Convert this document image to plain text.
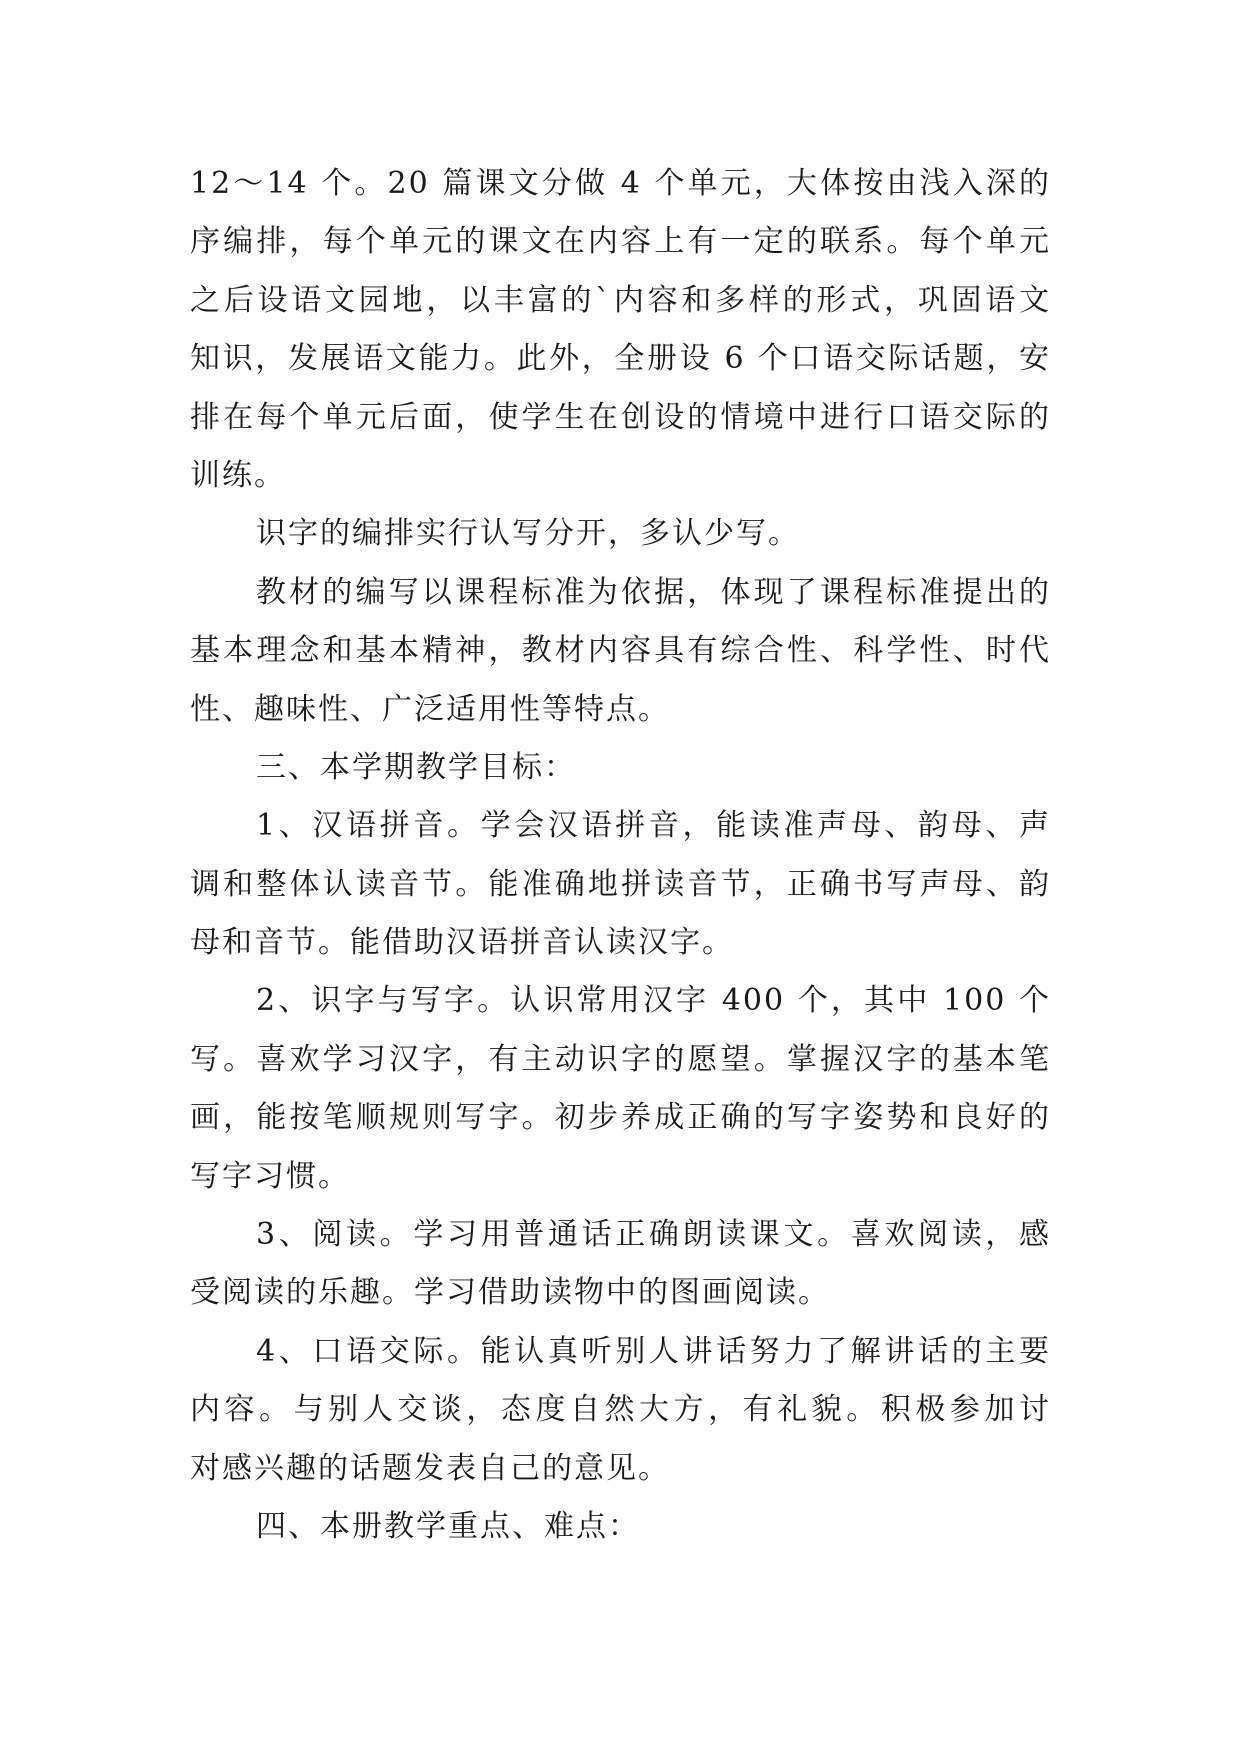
12～14 个。20 篇课文分做 4 个单元，大体按由浅入深的
序编排，每个单元的课文在内容上有一定的联系。每个单元
之后设语文园地，以丰富的`内容和多样的形式，巩固语文
知识，发展语文能力。此外，全册设 6 个口语交际话题，安
排在每个单元后面，使学生在创设的情境中进行口语交际的
训练。
识字的编排实行认写分开，多认少写。
教材的编写以课程标准为依据，体现了课程标准提出的
基本理念和基本精神，教材内容具有综合性、科学性、时代
性、趣味性、广泛适用性等特点。
三、本学期教学目标：
1、汉语拼音。学会汉语拼音，能读准声母、韵母、声
调和整体认读音节。能准确地拼读音节，正确书写声母、韵
母和音节。能借助汉语拼音认读汉字。
2、识字与写字。认识常用汉字 400 个，其中 100 个
写。喜欢学习汉字，有主动识字的愿望。掌握汉字的基本笔
画，能按笔顺规则写字。初步养成正确的写字姿势和良好的
写字习惯。
3、阅读。学习用普通话正确朗读课文。喜欢阅读，感
受阅读的乐趣。学习借助读物中的图画阅读。
4、口语交际。能认真听别人讲话努力了解讲话的主要
内容。与别人交谈，态度自然大方，有礼貌。积极参加讨
对感兴趣的话题发表自己的意见。
四、本册教学重点、难点：
